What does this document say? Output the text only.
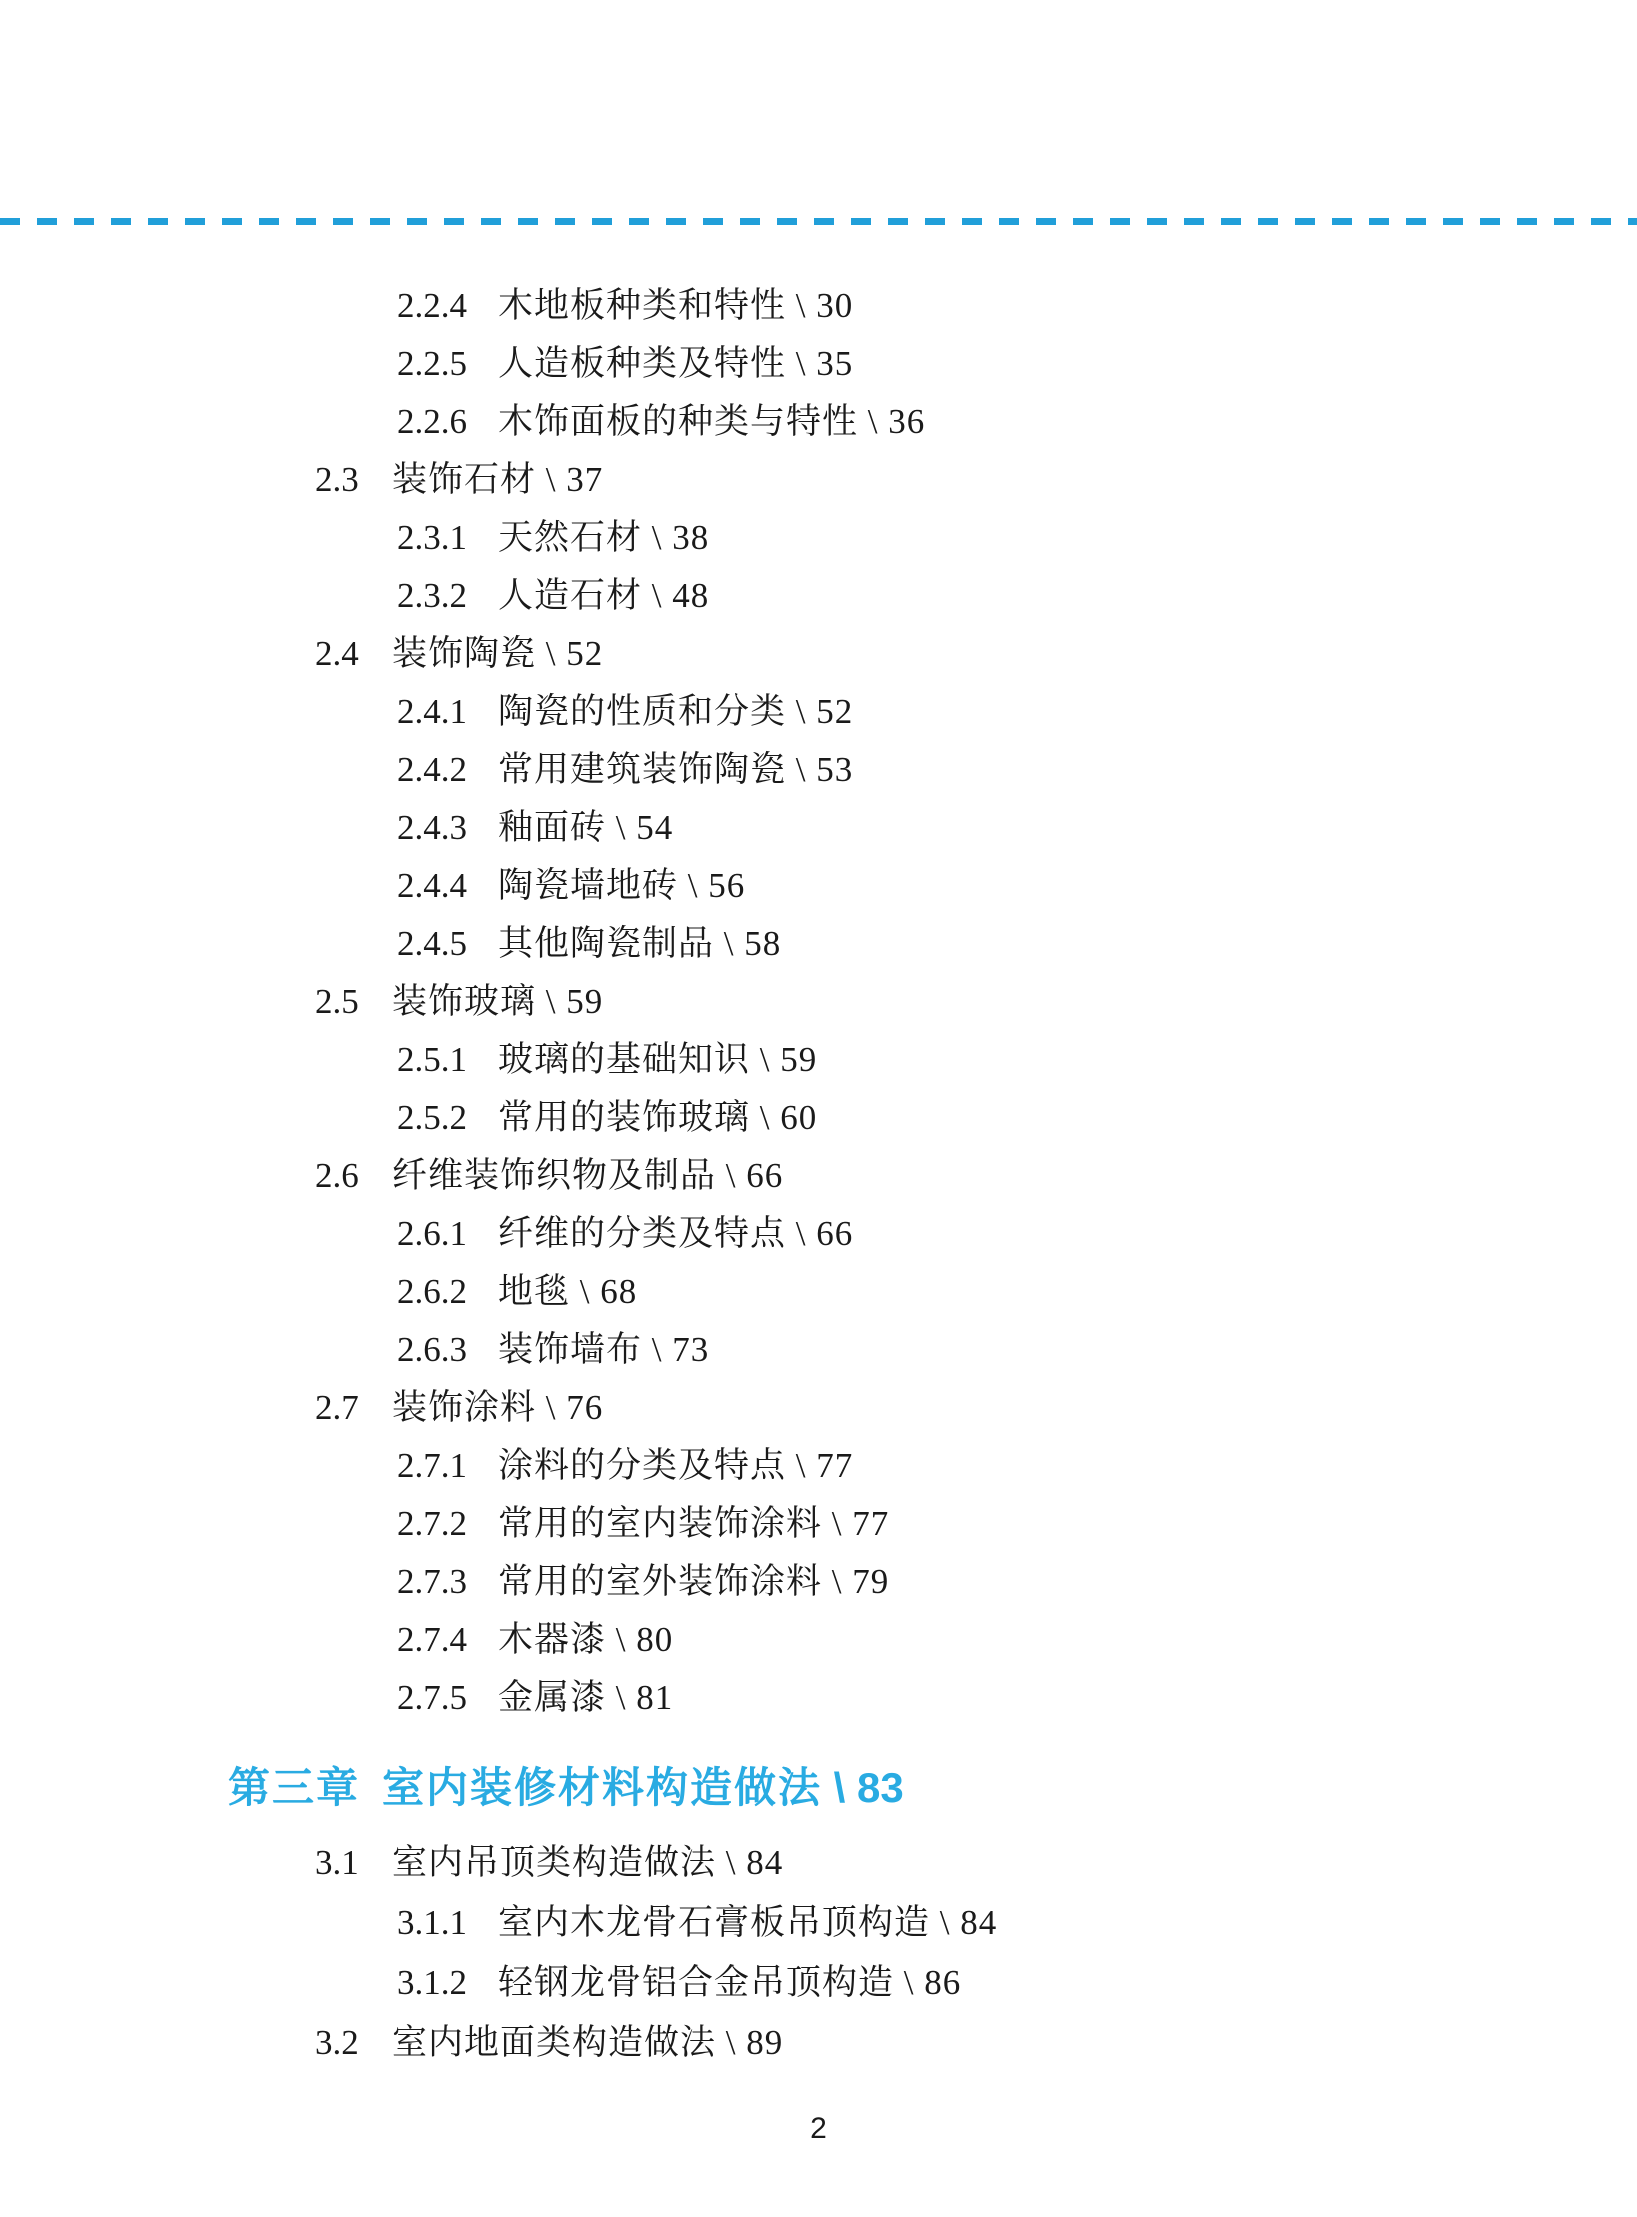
2.2.4 木地板种类和特性 \ 30
2.2.5 人造板种类及特性 \ 35
2.2.6 木饰面板的种类与特性 \ 36
2.3 装饰石材 \ 37
2.3.1 天然石材 \ 38
2.3.2 人造石材 \ 48
2.4 装饰陶瓷 \ 52
2.4.1 陶瓷的性质和分类 \ 52
2.4.2 常用建筑装饰陶瓷 \ 53
2.4.3 釉面砖 \ 54
2.4.4 陶瓷墙地砖 \ 56
2.4.5 其他陶瓷制品 \ 58
2.5 装饰玻璃 \ 59
2.5.1 玻璃的基础知识 \ 59
2.5.2 常用的装饰玻璃 \ 60
2.6 纤维装饰织物及制品 \ 66
2.6.1 纤维的分类及特点 \ 66
2.6.2 地毯 \ 68
2.6.3 装饰墙布 \ 73
2.7 装饰涂料 \ 76
2.7.1 涂料的分类及特点 \ 77
2.7.2 常用的室内装饰涂料 \ 77
2.7.3 常用的室外装饰涂料 \ 79
2.7.4 木器漆 \ 80
2.7.5 金属漆 \ 81
第三章 室内装修材料构造做法 \ 83
3.1 室内吊顶类构造做法 \ 84
3.1.1 室内木龙骨石膏板吊顶构造 \ 84
3.1.2 轻钢龙骨铝合金吊顶构造 \ 86
3.2 室内地面类构造做法 \ 89
2
